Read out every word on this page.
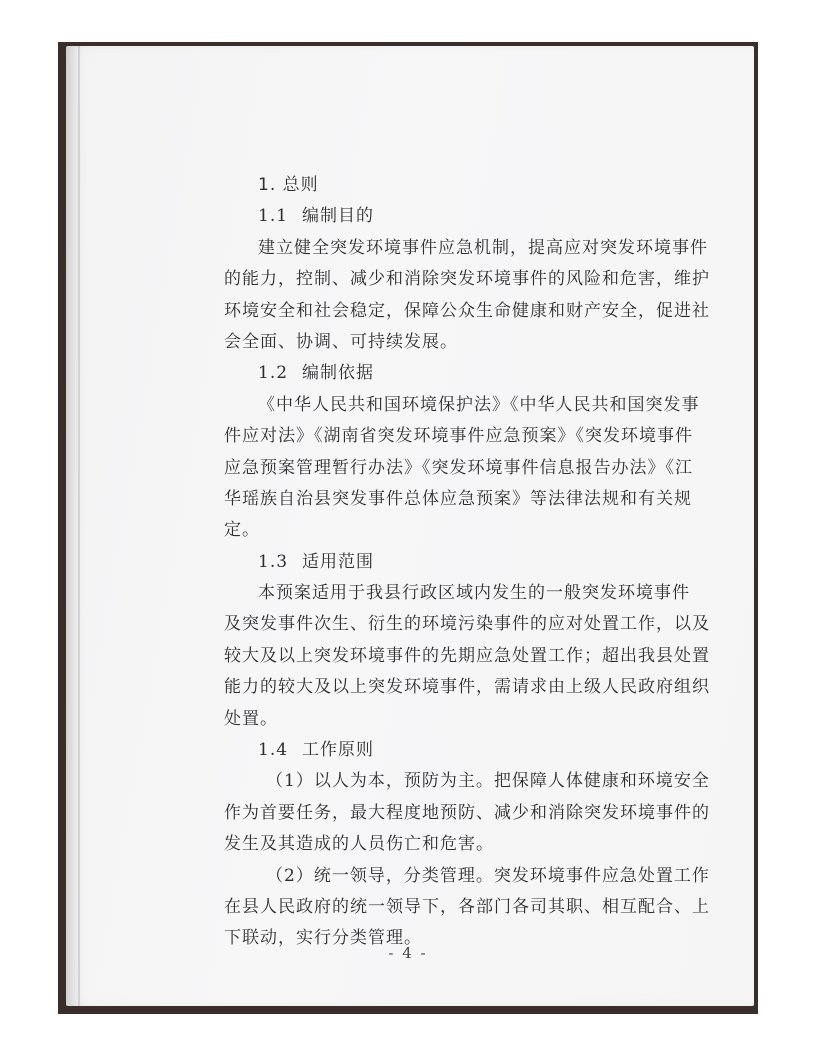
1. 总则
1.1 编制目的
建立健全突发环境事件应急机制，提高应对突发环境事件
的能力，控制、减少和消除突发环境事件的风险和危害，维护
环境安全和社会稳定，保障公众生命健康和财产安全，促进社
会全面、协调、可持续发展。
1.2 编制依据
《中华人民共和国环境保护法》《中华人民共和国突发事
件应对法》《湖南省突发环境事件应急预案》《突发环境事件
应急预案管理暂行办法》《突发环境事件信息报告办法》《江
华瑶族自治县突发事件总体应急预案》等法律法规和有关规
定。
1.3 适用范围
本预案适用于我县行政区域内发生的一般突发环境事件
及突发事件次生、衍生的环境污染事件的应对处置工作，以及
较大及以上突发环境事件的先期应急处置工作；超出我县处置
能力的较大及以上突发环境事件，需请求由上级人民政府组织
处置。
1.4 工作原则
（1）以人为本，预防为主。把保障人体健康和环境安全
作为首要任务，最大程度地预防、减少和消除突发环境事件的
发生及其造成的人员伤亡和危害。
（2）统一领导，分类管理。突发环境事件应急处置工作
在县人民政府的统一领导下，各部门各司其职、相互配合、上
下联动，实行分类管理。
- 4 -
